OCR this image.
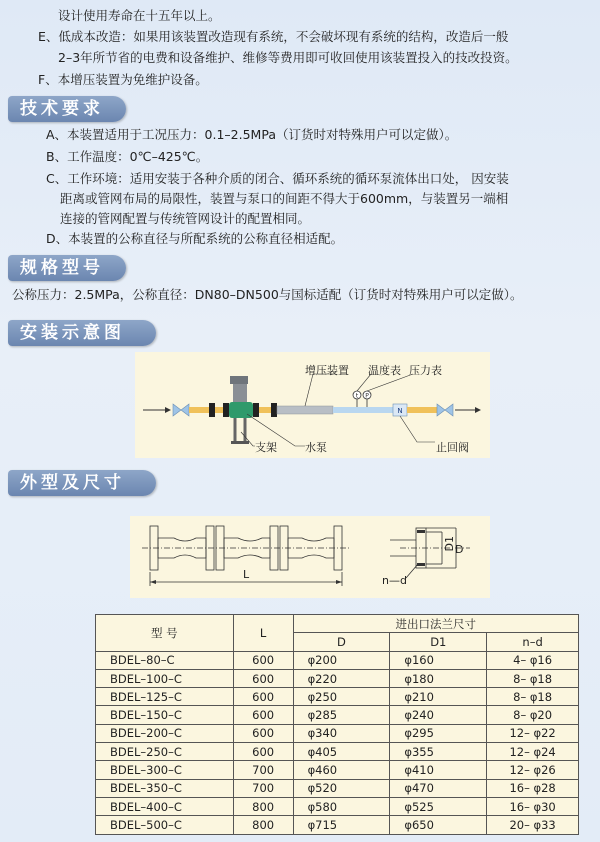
设计使用寿命在十五年以上。
E、低成本改造：如果用该装置改造现有系统，不会破坏现有系统的结构，改造后一般
2–3年所节省的电费和设备维护、维修等费用即可收回使用该装置投入的技改投资。
F、本增压装置为免维护设备。
技术要求
A、本装置适用于工况压力：0.1–2.5MPa（订货时对特殊用户可以定做）。
B、工作温度：0℃–425℃。
C、工作环境：适用安装于各种介质的闭合、循环系统的循环泵流体出口处， 因安装
距离或管网布局的局限性，装置与泵口的间距不得大于600mm，与装置另一端相
连接的管网配置与传统管网设计的配置相同。
D、本装置的公称直径与所配系统的公称直径相适配。
规格型号
公称压力：2.5MPa，公称直径：DN80–DN500与国标适配（订货时对特殊用户可以定做）。
安装示意图
t P
N
增压装置 温度表 压力表
支架	水泵	止回阀
外型及尺寸
L	n—d
D1 D
型 号	L	进出口法兰尺寸		
		D	D1	n–d
BDEL–80–C	600	φ200	φ160	4– φ16
BDEL–100–C	600	φ220	φ180	8– φ18
BDEL–125–C	600	φ250	φ210	8– φ18
BDEL–150–C	600	φ285	φ240	8– φ20
BDEL–200–C	600	φ340	φ295	12– φ22
BDEL–250–C	600	φ405	φ355	12– φ24
BDEL–300–C	700	φ460	φ410	12– φ26
BDEL–350–C	700	φ520	φ470	16– φ28
BDEL–400–C	800	φ580	φ525	16– φ30
BDEL–500–C	800	φ715	φ650	20– φ33
